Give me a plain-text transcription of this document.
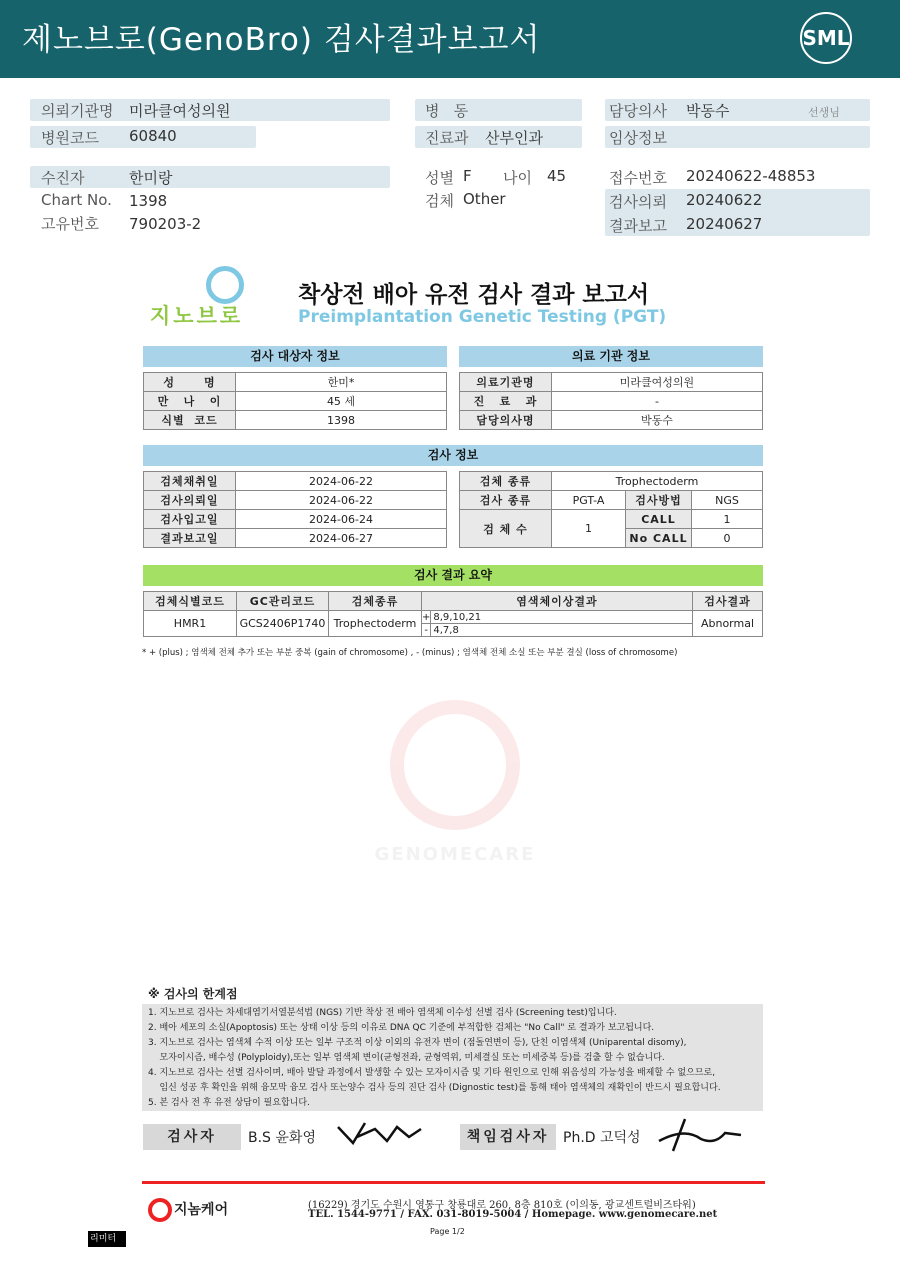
제노브로(GenoBro) 검사결과보고서	SML
의뢰기관명 미라클여성의원
병원코드 60840
병   동
진료과 산부인과
담당의사 박동수	선생님
임상정보
수진자	한미랑
Chart No. 1398
고유번호 790203-2
성별 F 나이 45
검체 Other
접수번호 20240622-48853
검사의뢰 20240622
결과보고 20240627
지노브로
착상전 배아 유전 검사 결과 보고서
Preimplantation Genetic Testing (PGT)
검사 대상자 정보	의료 기관 정보
성      명	한미*
만   나   이	45 세
식별  코드	1398
의료기관명	미라클여성의원
진   료   과	-
담당의사명	박동수
검사 정보
검체채취일	2024-06-22
검사의뢰일	2024-06-22
검사입고일	2024-06-24
결과보고일	2024-06-27
검체 종류	Trophectoderm		
검사 종류	PGT-A	검사방법	NGS
검 체 수	1	CALL	1
		No CALL	0
검사 결과 요약
검체식별코드	GC관리코드	검체종류	염색체이상결과		검사결과
HMR1	GCS2406P1740	Trophectoderm	+	8,9,10,21	Abnormal
			-	4,7,8	
* + (plus) ; 염색체 전체 추가 또는 부분 중복 (gain of chromosome) , - (minus) ; 염색체 전체 소실 또는 부분 결실 (loss of chromosome)
GENOMECARE
※ 검사의 한계점
1. 지노브로 검사는 차세대염기서열분석법 (NGS) 기반 착상 전 배아 염색체 이수성 선별 검사 (Screening test)입니다.
2. 배아 세포의 소실(Apoptosis) 또는 상태 이상 등의 이유로 DNA QC 기준에 부적합한 검체는 "No Call" 로 결과가 보고됩니다.
3. 지노브로 검사는 염색체 수적 이상 또는 일부 구조적 이상 이외의 유전자 변이 (점돌연변이 등), 단친 이염색체 (Uniparental disomy),
모자이시즘, 배수성 (Polyploidy),또는 일부 염색체 변이(균형전좌, 균형역위, 미세결실 또는 미세중복 등)를 검출 할 수 없습니다.
4. 지노브로 검사는 선별 검사이며, 배아 발달 과정에서 발생할 수 있는 모자이시즘 및 기타 원인으로 인해 위음성의 가능성을 배제할 수 없으므로,
임신 성공 후 확인을 위해 융모막 융모 검사 또는양수 검사 등의 진단 검사 (Dignostic test)를 통해 태아 염색체의 재확인이 반드시 필요합니다.
5. 본 검사 전 후 유전 상담이 필요합니다.
검사자	B.S 윤화영	책임검사자 Ph.D 고덕성
지놈케어	(16229) 경기도 수원시 영통구 창룡대로 260, 8층 810호 (이의동, 광교센트럴비즈타워)
TEL. 1544-9771 / FAX. 031-8019-5004 / Homepage. www.genomecare.net
Page 1/2
리미터
